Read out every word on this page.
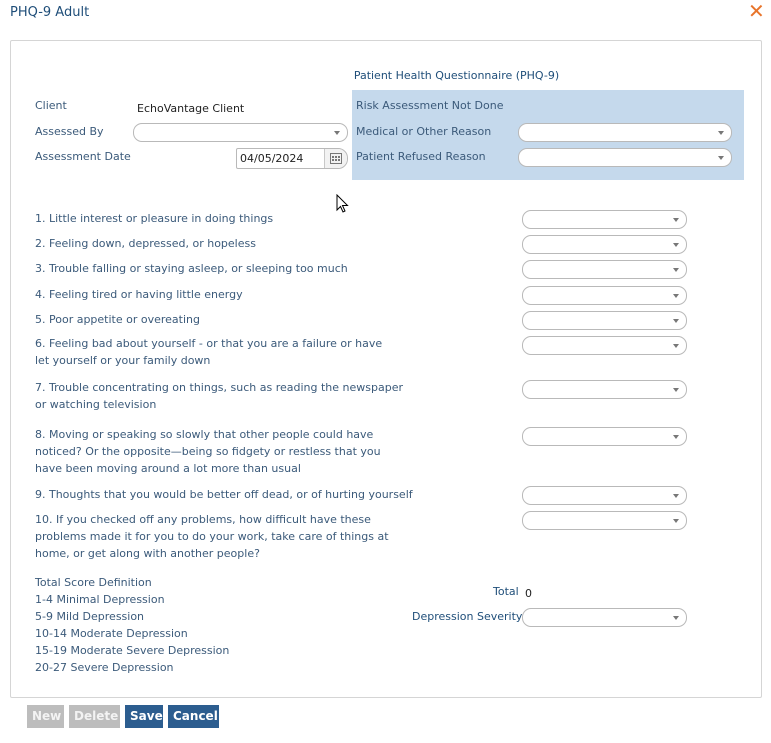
PHQ-9 Adult	✕
Patient Health Questionnaire (PHQ-9)
Risk Assessment Not Done
Medical or Other Reason
Patient Refused Reason
Client	EchoVantage Client
Assessed By
Assessment Date	04/05/2024
1. Little interest or pleasure in doing things
2. Feeling down, depressed, or hopeless
3. Trouble falling or staying asleep, or sleeping too much
4. Feeling tired or having little energy
5. Poor appetite or overeating
6. Feeling bad about yourself - or that you are a failure or have let yourself or your family down
7. Trouble concentrating on things, such as reading the newspaper or watching television
8. Moving or speaking so slowly that other people could have noticed? Or the opposite—being so fidgety or restless that you have been moving around a lot more than usual
9. Thoughts that you would be better off dead, or of hurting yourself
10. If you checked off any problems, how difficult have these problems made it for you to do your work, take care of things at home, or get along with another people?
Total Score Definition
1-4 Minimal Depression
5-9 Mild Depression
10-14 Moderate Depression
15-19 Moderate Severe Depression
20-27 Severe Depression
Total 0
Depression Severity
New	Delete Save Cancel
